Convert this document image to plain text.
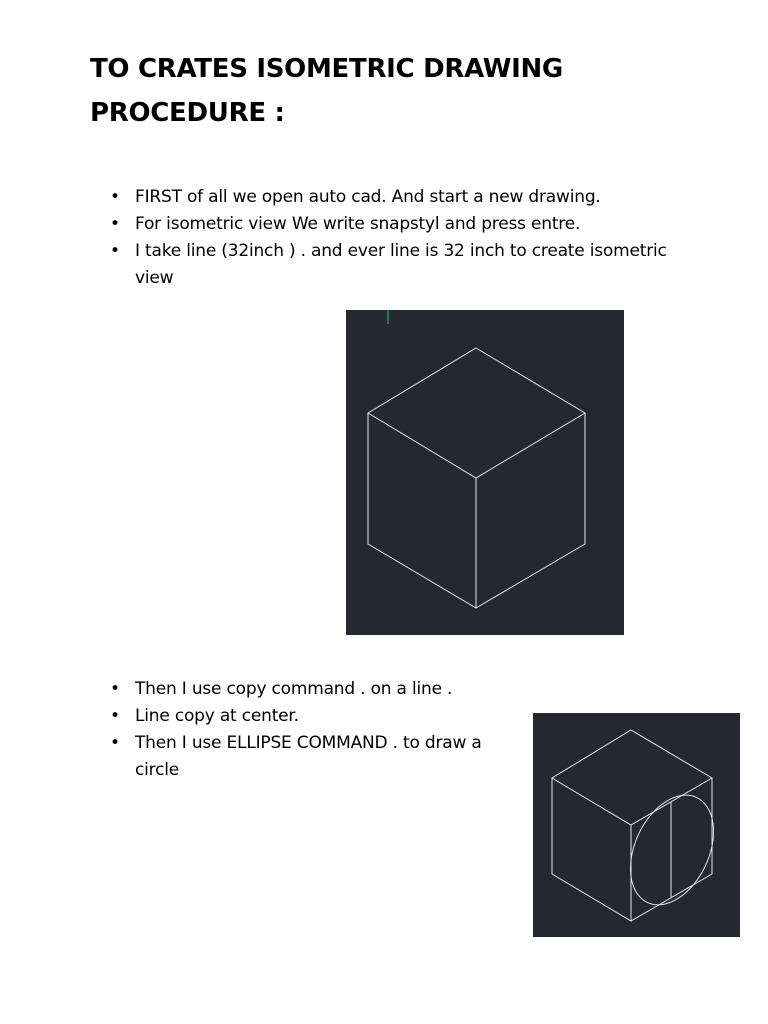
TO CRATES ISOMETRIC DRAWING
PROCEDURE :
• FIRST of all we open auto cad. And start a new drawing.
• For isometric view We write snapstyl and press entre.
• I take line (32inch ) . and ever line is 32 inch to create isometric view
• Then I use copy command . on a line .
• Line copy at center.
• Then I use ELLIPSE COMMAND . to draw a circle
